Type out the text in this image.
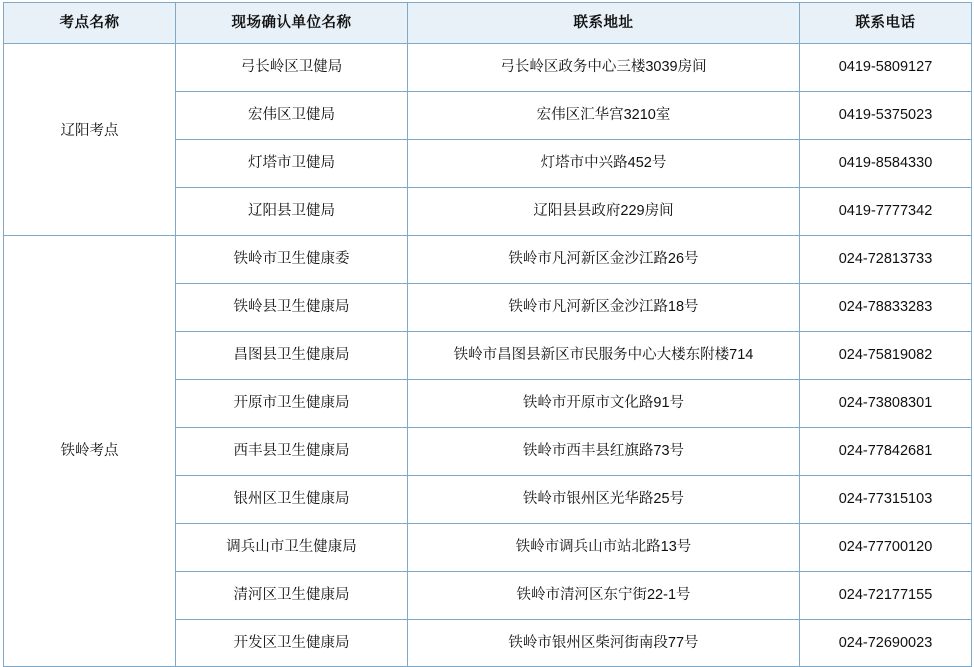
考点名称	现场确认单位名称	联系地址	联系电话

辽阳考点	弓长岭区卫健局	弓长岭区政务中心三楼3039房间	0419-5809127
	宏伟区卫健局	宏伟区汇华宫3210室	0419-5375023
	灯塔市卫健局	灯塔市中兴路452号	0419-8584330
	辽阳县卫健局	辽阳县县政府229房间	0419-7777342
铁岭考点	铁岭市卫生健康委	铁岭市凡河新区金沙江路26号	024-72813733
	铁岭县卫生健康局	铁岭市凡河新区金沙江路18号	024-78833283
	昌图县卫生健康局	铁岭市昌图县新区市民服务中心大楼东附楼714	024-75819082
	开原市卫生健康局	铁岭市开原市文化路91号	024-73808301
	西丰县卫生健康局	铁岭市西丰县红旗路73号	024-77842681
	银州区卫生健康局	铁岭市银州区光华路25号	024-77315103
	调兵山市卫生健康局	铁岭市调兵山市站北路13号	024-77700120
	清河区卫生健康局	铁岭市清河区东宁街22-1号	024-72177155
	开发区卫生健康局	铁岭市银州区柴河街南段77号	024-72690023
